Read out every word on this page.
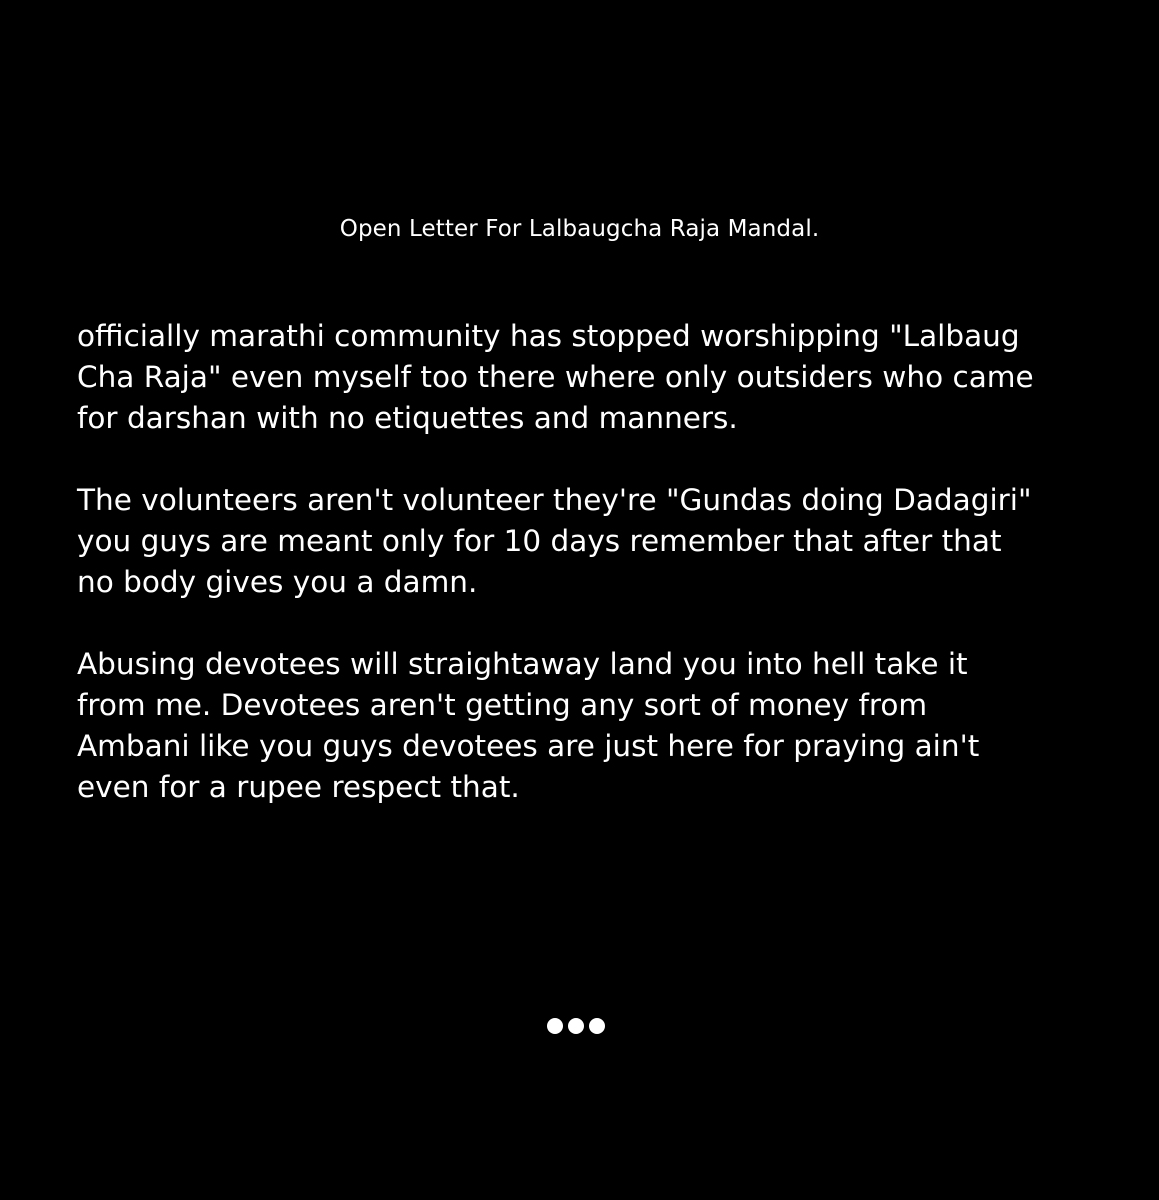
Open Letter For Lalbaugcha Raja Mandal.

officially marathi community has stopped worshipping "Lalbaug
Cha Raja" even myself too there where only outsiders who came
for darshan with no etiquettes and manners.

The volunteers aren't volunteer they're "Gundas doing Dadagiri"
you guys are meant only for 10 days remember that after that
no body gives you a damn.

Abusing devotees will straightaway land you into hell take it
from me. Devotees aren't getting any sort of money from
Ambani like you guys devotees are just here for praying ain't
even for a rupee respect that.
